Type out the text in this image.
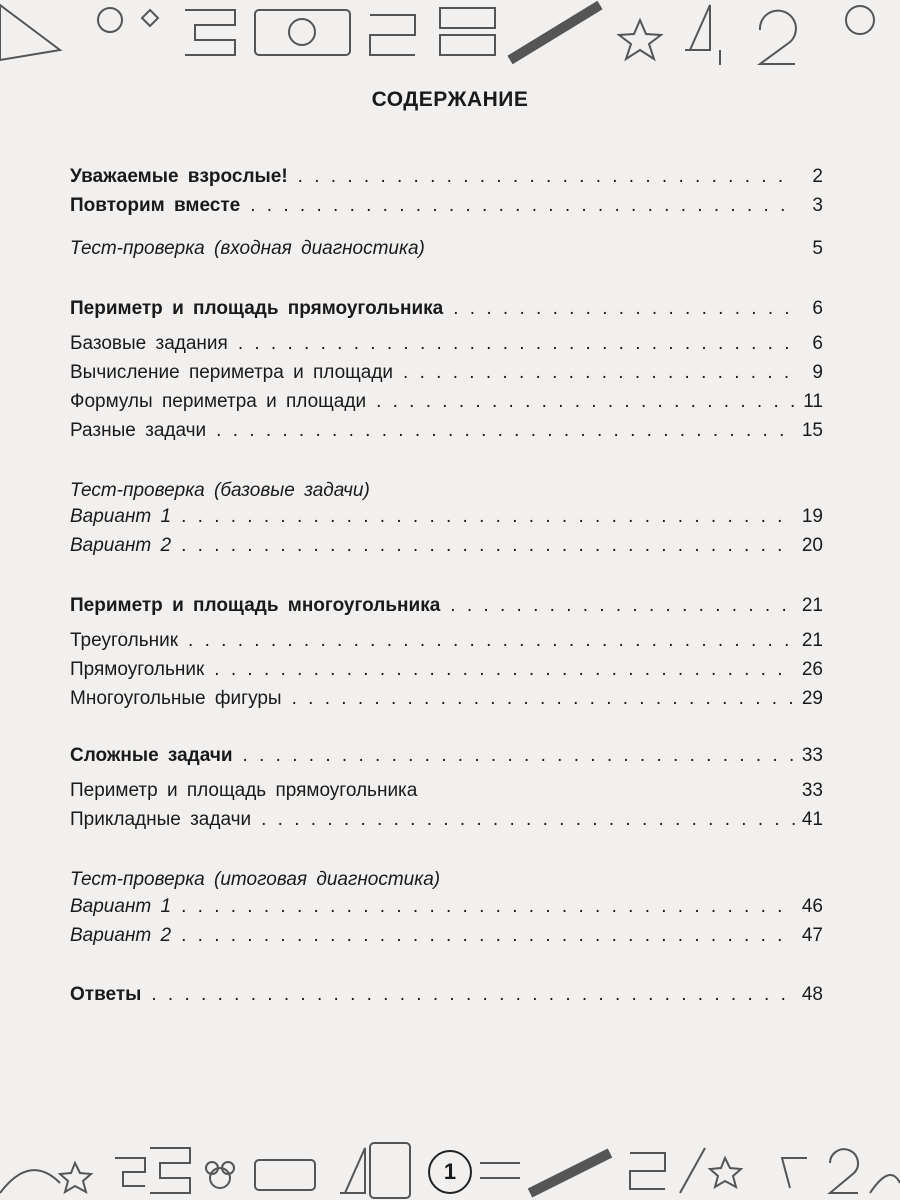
СОДЕРЖАНИЕ
Уважаемые взрослые! . . .	2
Повторим вместе . . .	3
Тест-проверка (входная диагностика)	5
Периметр и площадь прямоугольника . . .	6
Базовые задания . . .	6
Вычисление периметра и площади . . .	9
Формулы периметра и площади . . .	11
Разные задачи . . .	15
Тест-проверка (базовые задачи)
Вариант 1 . . .	19
Вариант 2 . . .	20
Периметр и площадь многоугольника . . .	21
Треугольник . . .	21
Прямоугольник . . .	26
Многоугольные фигуры . . .	29
Сложные задачи . . .	33
Периметр и площадь прямоугольника	33
Прикладные задачи . . .	41
Тест-проверка (итоговая диагностика)
Вариант 1 . . .	46
Вариант 2 . . .	47
Ответы . . .	48
1
